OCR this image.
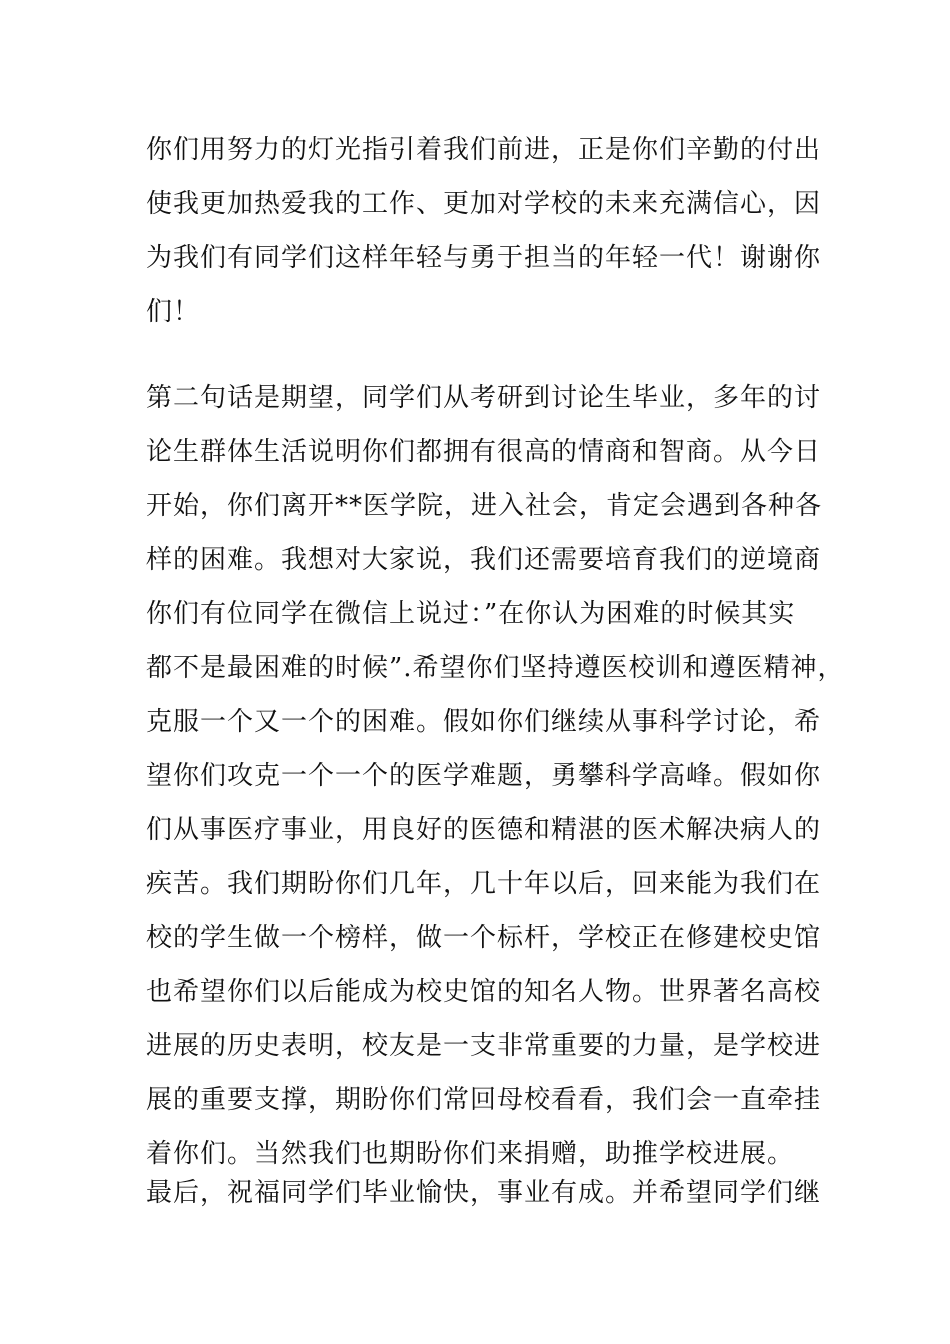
你们用努力的灯光指引着我们前进，正是你们辛勤的付出
使我更加热爱我的工作、更加对学校的未来充满信心，因
为我们有同学们这样年轻与勇于担当的年轻一代！谢谢你
们！
第二句话是期望，同学们从考研到讨论生毕业，多年的讨
论生群体生活说明你们都拥有很高的情商和智商。从今日
开始，你们离开**医学院，进入社会，肯定会遇到各种各
样的困难。我想对大家说，我们还需要培育我们的逆境商
你们有位同学在微信上说过：”在你认为困难的时候其实
都不是最困难的时候”.希望你们坚持遵医校训和遵医精神，
克服一个又一个的困难。假如你们继续从事科学讨论，希
望你们攻克一个一个的医学难题，勇攀科学高峰。假如你
们从事医疗事业，用良好的医德和精湛的医术解决病人的
疾苦。我们期盼你们几年，几十年以后，回来能为我们在
校的学生做一个榜样，做一个标杆，学校正在修建校史馆
也希望你们以后能成为校史馆的知名人物。世界著名高校
进展的历史表明，校友是一支非常重要的力量，是学校进
展的重要支撑，期盼你们常回母校看看，我们会一直牵挂
着你们。当然我们也期盼你们来捐赠，助推学校进展。
最后，祝福同学们毕业愉快，事业有成。并希望同学们继
